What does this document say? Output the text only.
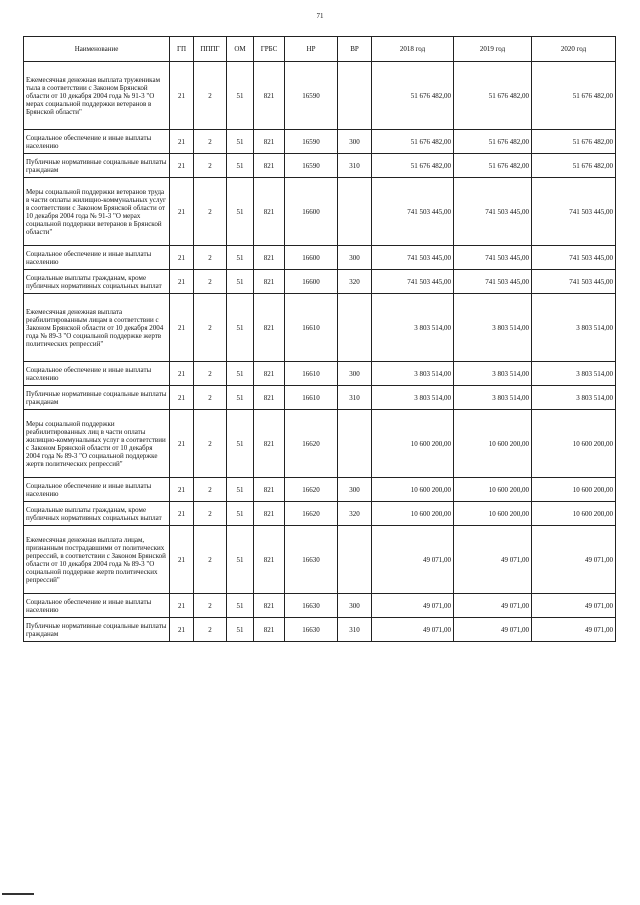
71
Наименование	ГП	ПППГ	ОМ	ГРБС	НР	ВР	2018 год	2019 год	2020 год
Ежемесячная денежная выплата труженикам тыла в соответствии с Законом Брянской области от 10 декабря 2004 года № 91-3 "О мерах социальной поддержки ветеранов в Брянской области"	21	2	51	821	16590		51 676 482,00	51 676 482,00	51 676 482,00
Социальное обеспечение и иные выплаты населению	21	2	51	821	16590	300	51 676 482,00	51 676 482,00	51 676 482,00
Публичные нормативные социальные выплаты гражданам	21	2	51	821	16590	310	51 676 482,00	51 676 482,00	51 676 482,00
Меры социальной поддержки ветеранов труда в части оплаты жилищно-коммунальных услуг в соответствии с Законом Брянской области от 10 декабря 2004 года № 91-3 "О мерах социальной поддержки ветеранов в Брянской области"	21	2	51	821	16600		741 503 445,00	741 503 445,00	741 503 445,00
Социальное обеспечение и иные выплаты населению	21	2	51	821	16600	300	741 503 445,00	741 503 445,00	741 503 445,00
Социальные выплаты гражданам, кроме публичных нормативных социальных выплат	21	2	51	821	16600	320	741 503 445,00	741 503 445,00	741 503 445,00
Ежемесячная денежная выплата реабилитированным лицам в соответствии с Законом Брянской области от 10 декабря 2004 года № 89-3 "О социальной поддержке жертв политических репрессий"	21	2	51	821	16610		3 803 514,00	3 803 514,00	3 803 514,00
Социальное обеспечение и иные выплаты населению	21	2	51	821	16610	300	3 803 514,00	3 803 514,00	3 803 514,00
Публичные нормативные социальные выплаты гражданам	21	2	51	821	16610	310	3 803 514,00	3 803 514,00	3 803 514,00
Меры социальной поддержки реабилитированных лиц в части оплаты жилищно-коммунальных услуг в соответствии с Законом Брянской области от 10 декабря 2004 года № 89-3 "О социальной поддержке жертв политических репрессий"	21	2	51	821	16620		10 600 200,00	10 600 200,00	10 600 200,00
Социальное обеспечение и иные выплаты населению	21	2	51	821	16620	300	10 600 200,00	10 600 200,00	10 600 200,00
Социальные выплаты гражданам, кроме публичных нормативных социальных выплат	21	2	51	821	16620	320	10 600 200,00	10 600 200,00	10 600 200,00
Ежемесячная денежная выплата лицам, признанным пострадавшими от политических репрессий, в соответствии с Законом Брянской области от 10 декабря 2004 года № 89-3 "О социальной поддержке жертв политических репрессий"	21	2	51	821	16630		49 071,00	49 071,00	49 071,00
Социальное обеспечение и иные выплаты населению	21	2	51	821	16630	300	49 071,00	49 071,00	49 071,00
Публичные нормативные социальные выплаты гражданам	21	2	51	821	16630	310	49 071,00	49 071,00	49 071,00
